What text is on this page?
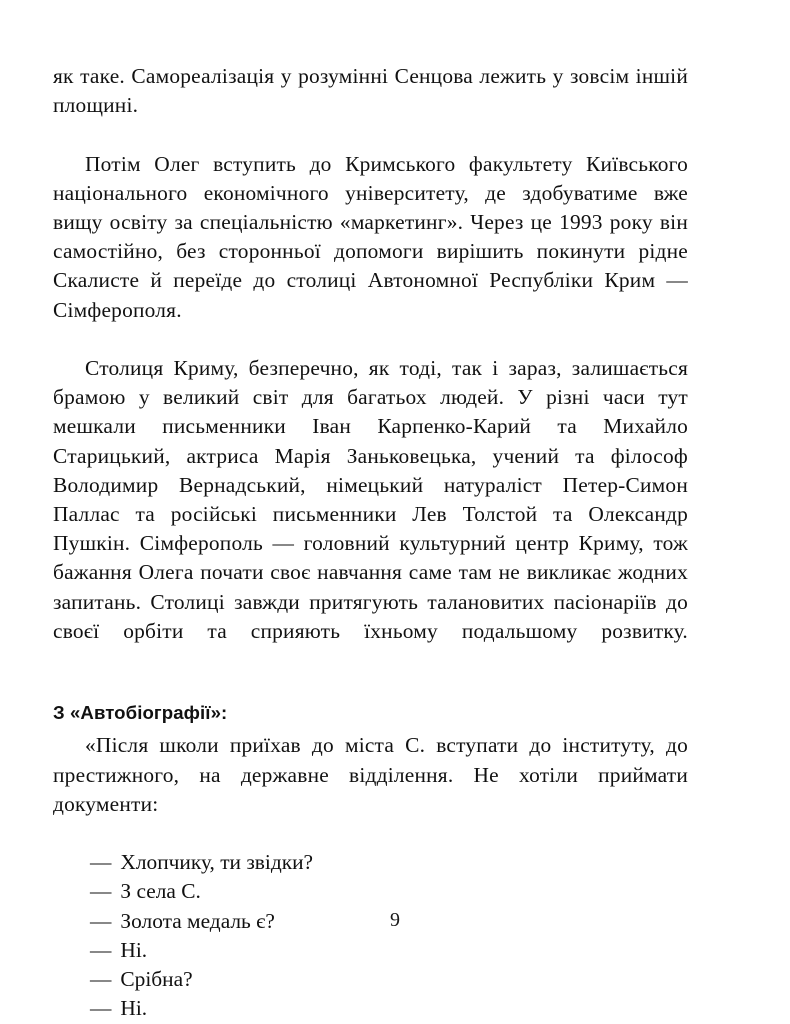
як таке. Самореалізація у розумінні Сенцова лежить у зовсім іншій площині.

Потім Олег вступить до Кримського факультету Київського національного економічного університету, де здобуватиме вже вищу освіту за спеціальністю «маркетинг». Через це 1993 року він самостійно, без сторонньої допомоги вирішить покинути рідне Скалисте й переїде до столиці Автономної Республіки Крим — Сімферополя.

Столиця Криму, безперечно, як тоді, так і зараз, залишається брамою у великий світ для багатьох людей. У різні часи тут мешкали письменники Іван Карпенко-Карий та Михайло Старицький, актриса Марія Заньковецька, учений та філософ Володимир Вернадський, німецький натураліст Петер-Симон Паллас та російські письменники Лев Толстой та Олександр Пушкін. Сімферополь — головний культурний центр Криму, тож бажання Олега почати своє навчання саме там не викликає жодних запитань. Столиці завжди притягують талановитих пасіонаріїв до своєї орбіти та сприяють їхньому подальшому розвитку.

З «Автобіографії»:

«Після школи приїхав до міста С. вступати до інституту, до престижного, на державне відділення. Не хотіли приймати документи:

— Хлопчику, ти звідки?

— З села С.

— Золота медаль є?

— Ні.

— Срібна?

— Ні.

9
